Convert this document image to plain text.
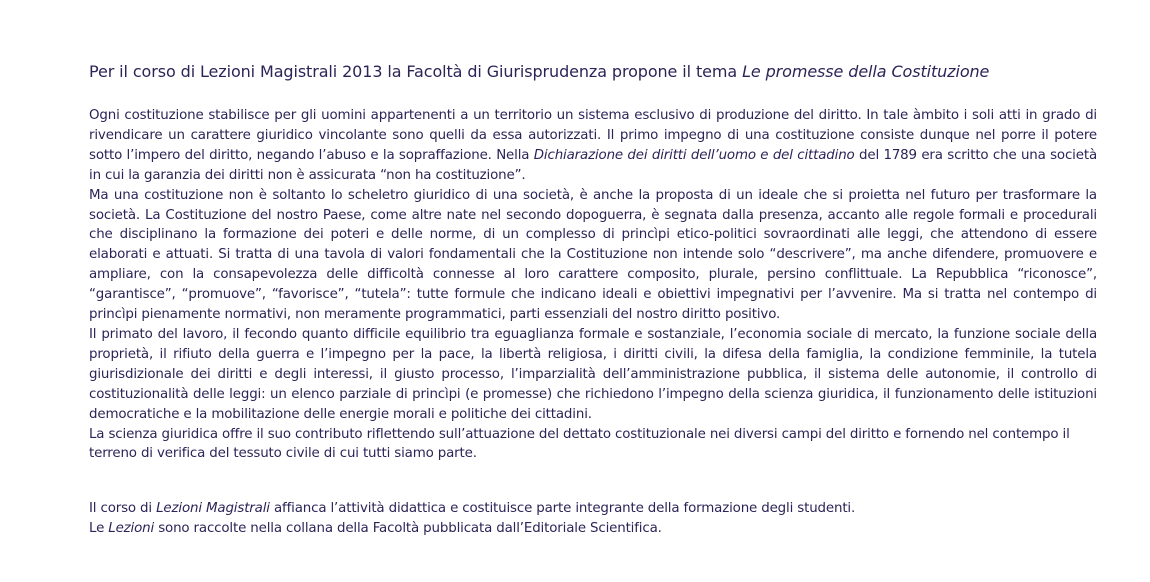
Per il corso di Lezioni Magistrali 2013 la Facoltà di Giurisprudenza propone il tema Le promesse della Costituzione

Ogni costituzione stabilisce per gli uomini appartenenti a un territorio un sistema esclusivo di produzione del diritto. In tale àmbito i soli atti in grado di rivendicare un carattere giuridico vincolante sono quelli da essa autorizzati. Il primo impegno di una costituzione consiste dunque nel porre il potere sotto l’impero del diritto, negando l’abuso e la sopraffazione. Nella Dichiarazione dei diritti dell’uomo e del cittadino del 1789 era scritto che una società in cui la garanzia dei diritti non è assicurata “non ha costituzione”.

Ma una costituzione non è soltanto lo scheletro giuridico di una società, è anche la proposta di un ideale che si proietta nel futuro per trasformare la società. La Costituzione del nostro Paese, come altre nate nel secondo dopoguerra, è segnata dalla presenza, accanto alle regole formali e procedurali che disciplinano la formazione dei poteri e delle norme, di un complesso di princìpi etico-politici sovraordinati alle leggi, che attendono di essere elaborati e attuati. Si tratta di una tavola di valori fondamentali che la Costituzione non intende solo “descrivere”, ma anche difendere, promuovere e ampliare, con la consapevolezza delle difficoltà connesse al loro carattere composito, plurale, persino conflittuale. La Repubblica “riconosce”, “garantisce”, “promuove”, “favorisce”, “tutela”: tutte formule che indicano ideali e obiettivi impegnativi per l’avvenire. Ma si tratta nel contempo di princìpi pienamente normativi, non meramente programmatici, parti essenziali del nostro diritto positivo.

Il primato del lavoro, il fecondo quanto difficile equilibrio tra eguaglianza formale e sostanziale, l’economia sociale di mercato, la funzione sociale della proprietà, il rifiuto della guerra e l’impegno per la pace, la libertà religiosa, i diritti civili, la difesa della famiglia, la condizione femminile, la tutela giurisdizionale dei diritti e degli interessi, il giusto processo, l’imparzialità dell’amministrazione pubblica, il sistema delle autonomie, il controllo di costituzionalità delle leggi: un elenco parziale di princìpi (e promesse) che richiedono l’impegno della scienza giuridica, il funzionamento delle istituzioni democratiche e la mobilitazione delle energie morali e politiche dei cittadini.

La scienza giuridica offre il suo contributo riflettendo sull’attuazione del dettato costituzionale nei diversi campi del diritto e fornendo nel contempo il terreno di verifica del tessuto civile di cui tutti siamo parte.

Il corso di Lezioni Magistrali affianca l’attività didattica e costituisce parte integrante della formazione degli studenti.

Le Lezioni sono raccolte nella collana della Facoltà pubblicata dall’Editoriale Scientifica.
